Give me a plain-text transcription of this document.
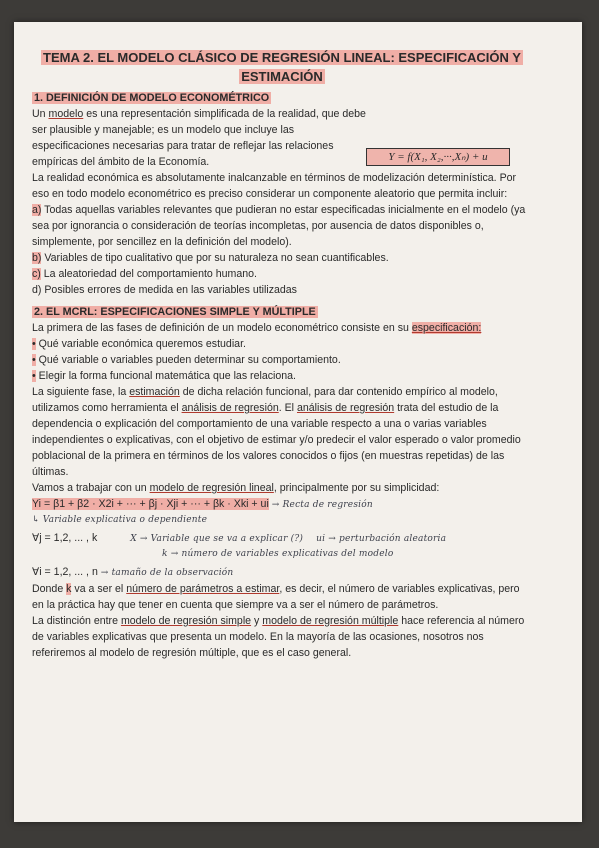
Y = f(X₁, X₂,···,Xₙ) + u
TEMA 2. EL MODELO CLÁSICO DE REGRESIÓN LINEAL: ESPECIFICACIÓN Y
ESTIMACIÓN
1. DEFINICIÓN DE MODELO ECONOMÉTRICO

Un modelo es una representación simplificada de la realidad, que debe ser plausible y manejable; es un modelo que incluye las especificaciones necesarias para tratar de reflejar las relaciones empíricas del ámbito de la Economía.

La realidad económica es absolutamente inalcanzable en términos de modelización determinística. Por eso en todo modelo econométrico es preciso considerar un componente aleatorio que permita incluir:

a) Todas aquellas variables relevantes que pudieran no estar especificadas inicialmente en el modelo (ya sea por ignorancia o consideración de teorías incompletas, por ausencia de datos disponibles o, simplemente, por sencillez en la definición del modelo).

b) Variables de tipo cualitativo que por su naturaleza no sean cuantificables.

c) La aleatoriedad del comportamiento humano.

d) Posibles errores de medida en las variables utilizadas

2. EL MCRL: ESPECIFICACIONES SIMPLE Y MÚLTIPLE

La primera de las fases de definición de un modelo econométrico consiste en su especificación:

• Qué variable económica queremos estudiar.

• Qué variable o variables pueden determinar su comportamiento.

• Elegir la forma funcional matemática que las relaciona.

La siguiente fase, la estimación de dicha relación funcional, para dar contenido empírico al modelo, utilizamos como herramienta el análisis de regresión. El análisis de regresión trata del estudio de la dependencia o explicación del comportamiento de una variable respecto a una o varias variables independientes o explicativas, con el objetivo de estimar y/o predecir el valor esperado o valor promedio poblacional de la primera en términos de los valores conocidos o fijos (en muestras repetidas) de las últimas.

Vamos a trabajar con un modelo de regresión lineal, principalmente por su simplicidad:

Yi = β1 + β2 · X2i + ··· + βj · Xji + ··· + βk · Xki + ui → Recta de regresión

↳ Variable explicativa o dependiente

∀j = 1,2, ... , k	X → Variable que se va a explicar (?) ui → perturbación aleatoria

k → número de variables explicativas del modelo

∀i = 1,2, ... , n → tamaño de la observación

Donde k va a ser el número de parámetros a estimar, es decir, el número de variables explicativas, pero en la práctica hay que tener en cuenta que siempre va a ser el número de parámetros.

La distinción entre modelo de regresión simple y modelo de regresión múltiple hace referencia al número de variables explicativas que presenta un modelo. En la mayoría de las ocasiones, nosotros nos referiremos al modelo de regresión múltiple, que es el caso general.
